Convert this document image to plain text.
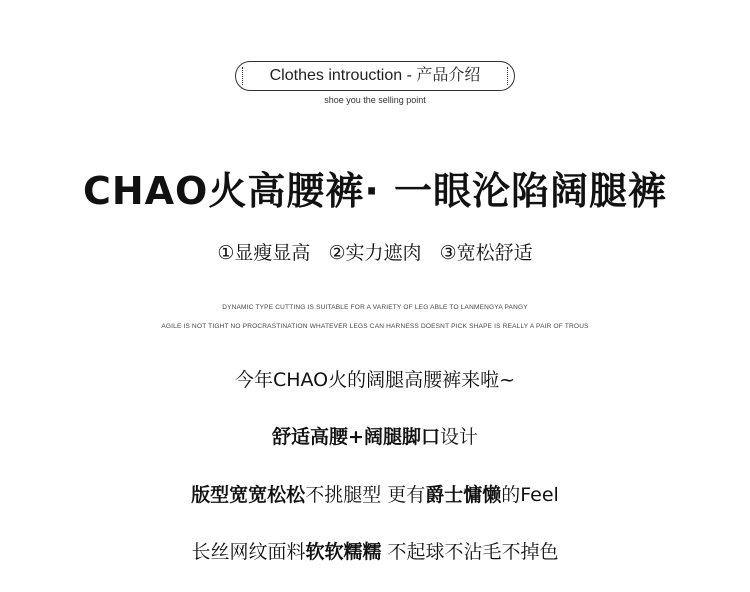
Clothes introuction - 产品介绍
shoe you the selling point
CHAO火高腰裤· 一眼沦陷阔腿裤
①显瘦显高 ②实力遮肉 ③宽松舒适
DYNAMIC TYPE CUTTING IS SUITABLE FOR A VARIETY OF LEG ABLE TO LANMENGYA PANGY
AGILE IS NOT TIGHT NO PROCRASTINATION WHATEVER LEGS CAN HARNESS DOESNT PICK SHAPE IS REALLY A PAIR OF TROUS
今年CHAO火的阔腿高腰裤来啦~
舒适高腰+阔腿脚口设计
版型宽宽松松不挑腿型 更有爵士慵懒的Feel
长丝网纹面料软软糯糯 不起球不沾毛不掉色
